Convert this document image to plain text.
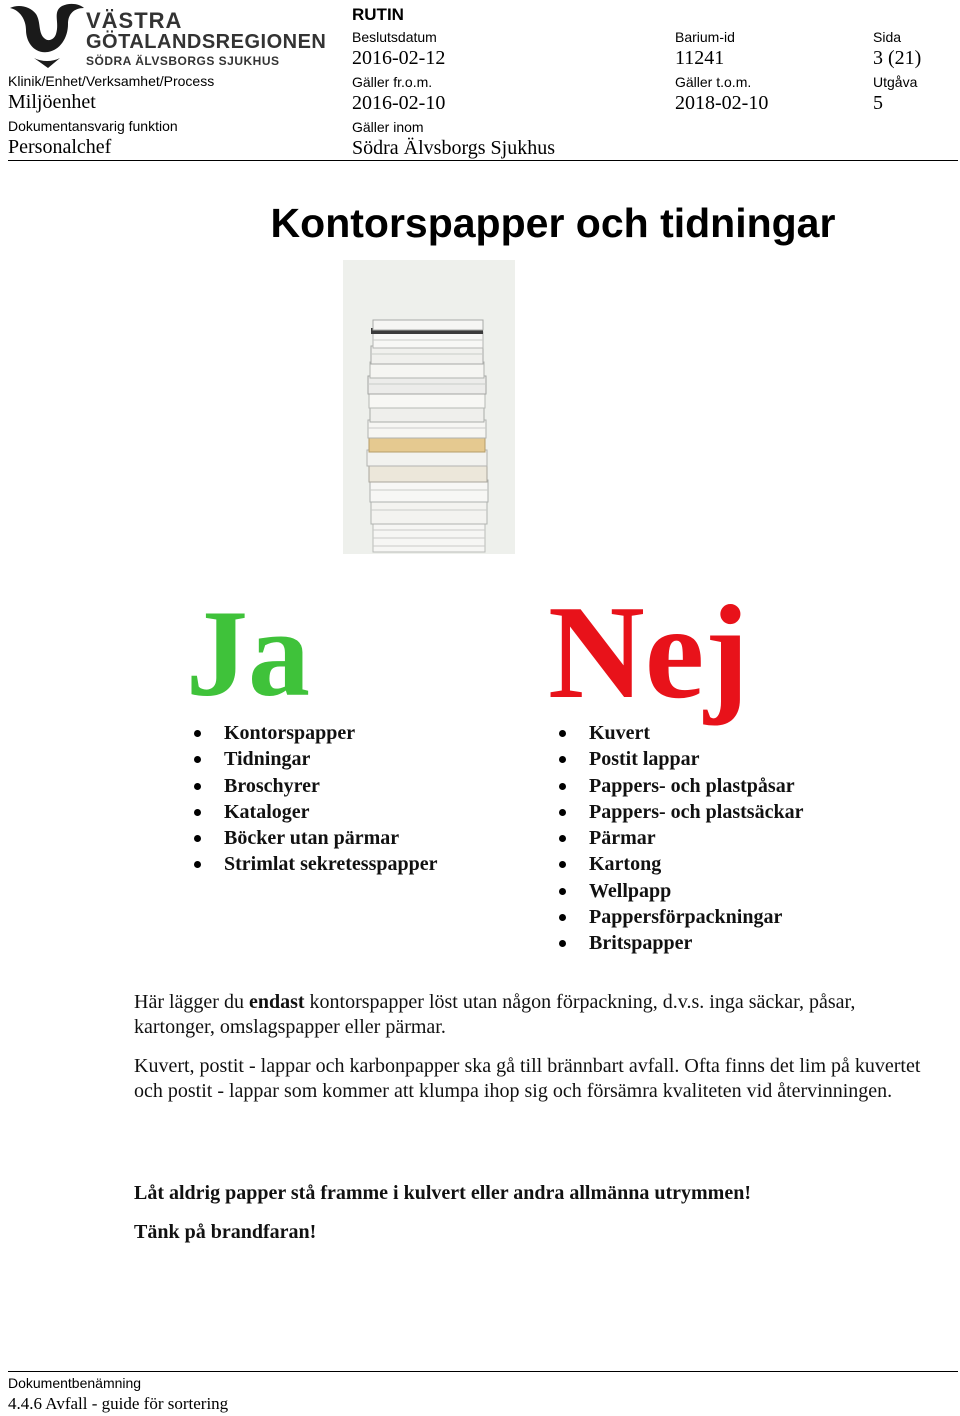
VÄSTRA
GÖTALANDSREGIONEN
SÖDRA ÄLVSBORGS SJUKHUS
RUTIN
Beslutsdatum
2016-02-12
Barium-id
11241
Sida
3 (21)
Klinik/Enhet/Verksamhet/Process
Miljöenhet
Gäller fr.o.m.
2016-02-10
Gäller t.o.m.
2018-02-10
Utgåva
5
Dokumentansvarig funktion
Personalchef
Gäller inom
Södra Älvsborgs Sjukhus
Kontorspapper och tidningar
Ja Nej
Kontorspapper
Tidningar
Broschyrer
Kataloger
Böcker utan pärmar
Strimlat sekretesspapper
Kuvert
Postit lappar
Pappers- och plastpåsar
Pappers- och plastsäckar
Pärmar
Kartong
Wellpapp
Pappersförpackningar
Britspapper
Här lägger du endast kontorspapper löst utan någon förpackning, d.v.s. inga säckar, påsar, kartonger, omslagspapper eller pärmar.
Kuvert, postit - lappar och karbonpapper ska gå till brännbart avfall. Ofta finns det lim på kuvertet och postit - lappar som kommer att klumpa ihop sig och försämra kvaliteten vid återvinningen.
Låt aldrig papper stå framme i kulvert eller andra allmänna utrymmen!
Tänk på brandfaran!
Dokumentbenämning
4.4.6 Avfall - guide för sortering
